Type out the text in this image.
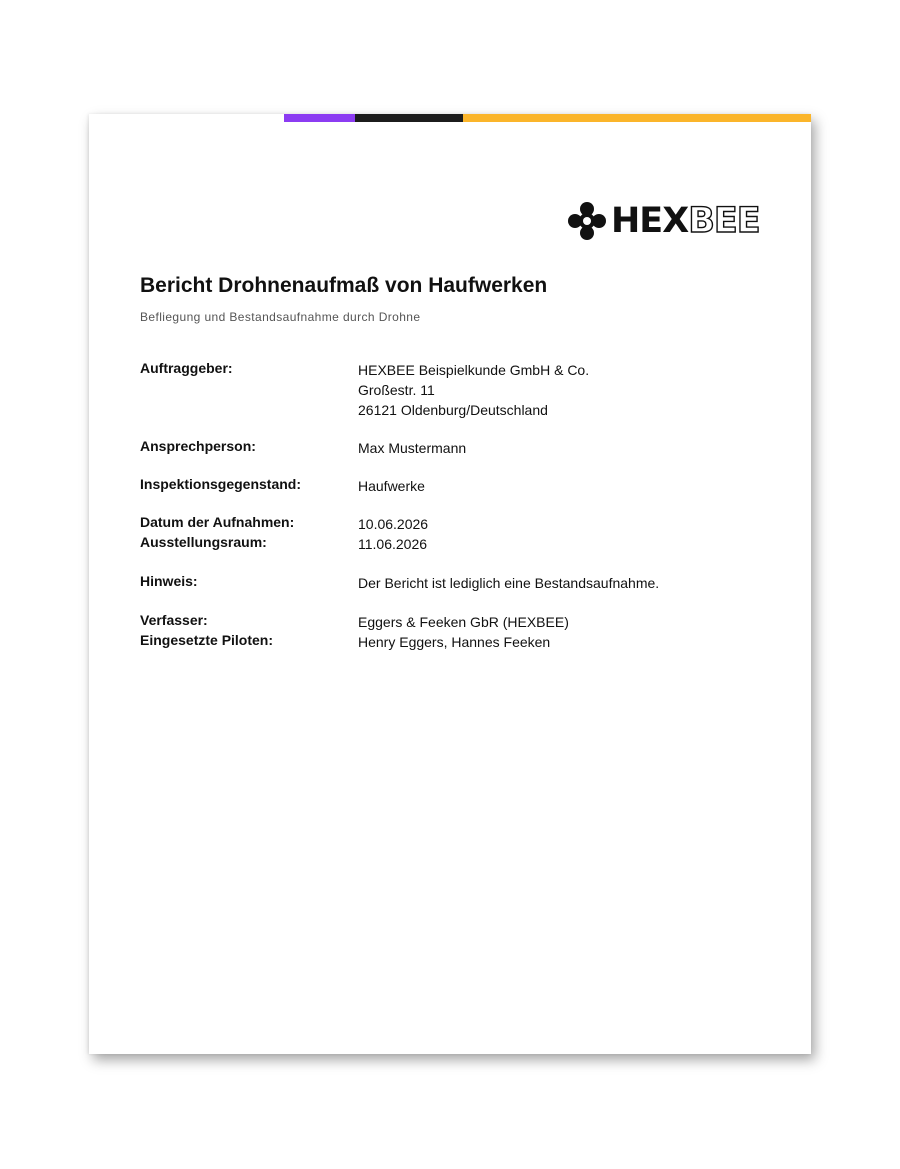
HEXBEE
Bericht Drohnenaufmaß von Haufwerken
Befliegung und Bestandsaufnahme durch Drohne
Auftraggeber:	HEXBEE Beispielkunde GmbH & Co.
Großestr. 11
26121 Oldenburg/Deutschland
Ansprechperson:	Max Mustermann
Inspektionsgegenstand:	Haufwerke
Datum der Aufnahmen:	10.06.2026
Ausstellungsraum:	11.06.2026
Hinweis:	Der Bericht ist lediglich eine Bestandsaufnahme.
Verfasser:	Eggers & Feeken GbR (HEXBEE)
Eingesetzte Piloten:	Henry Eggers, Hannes Feeken
